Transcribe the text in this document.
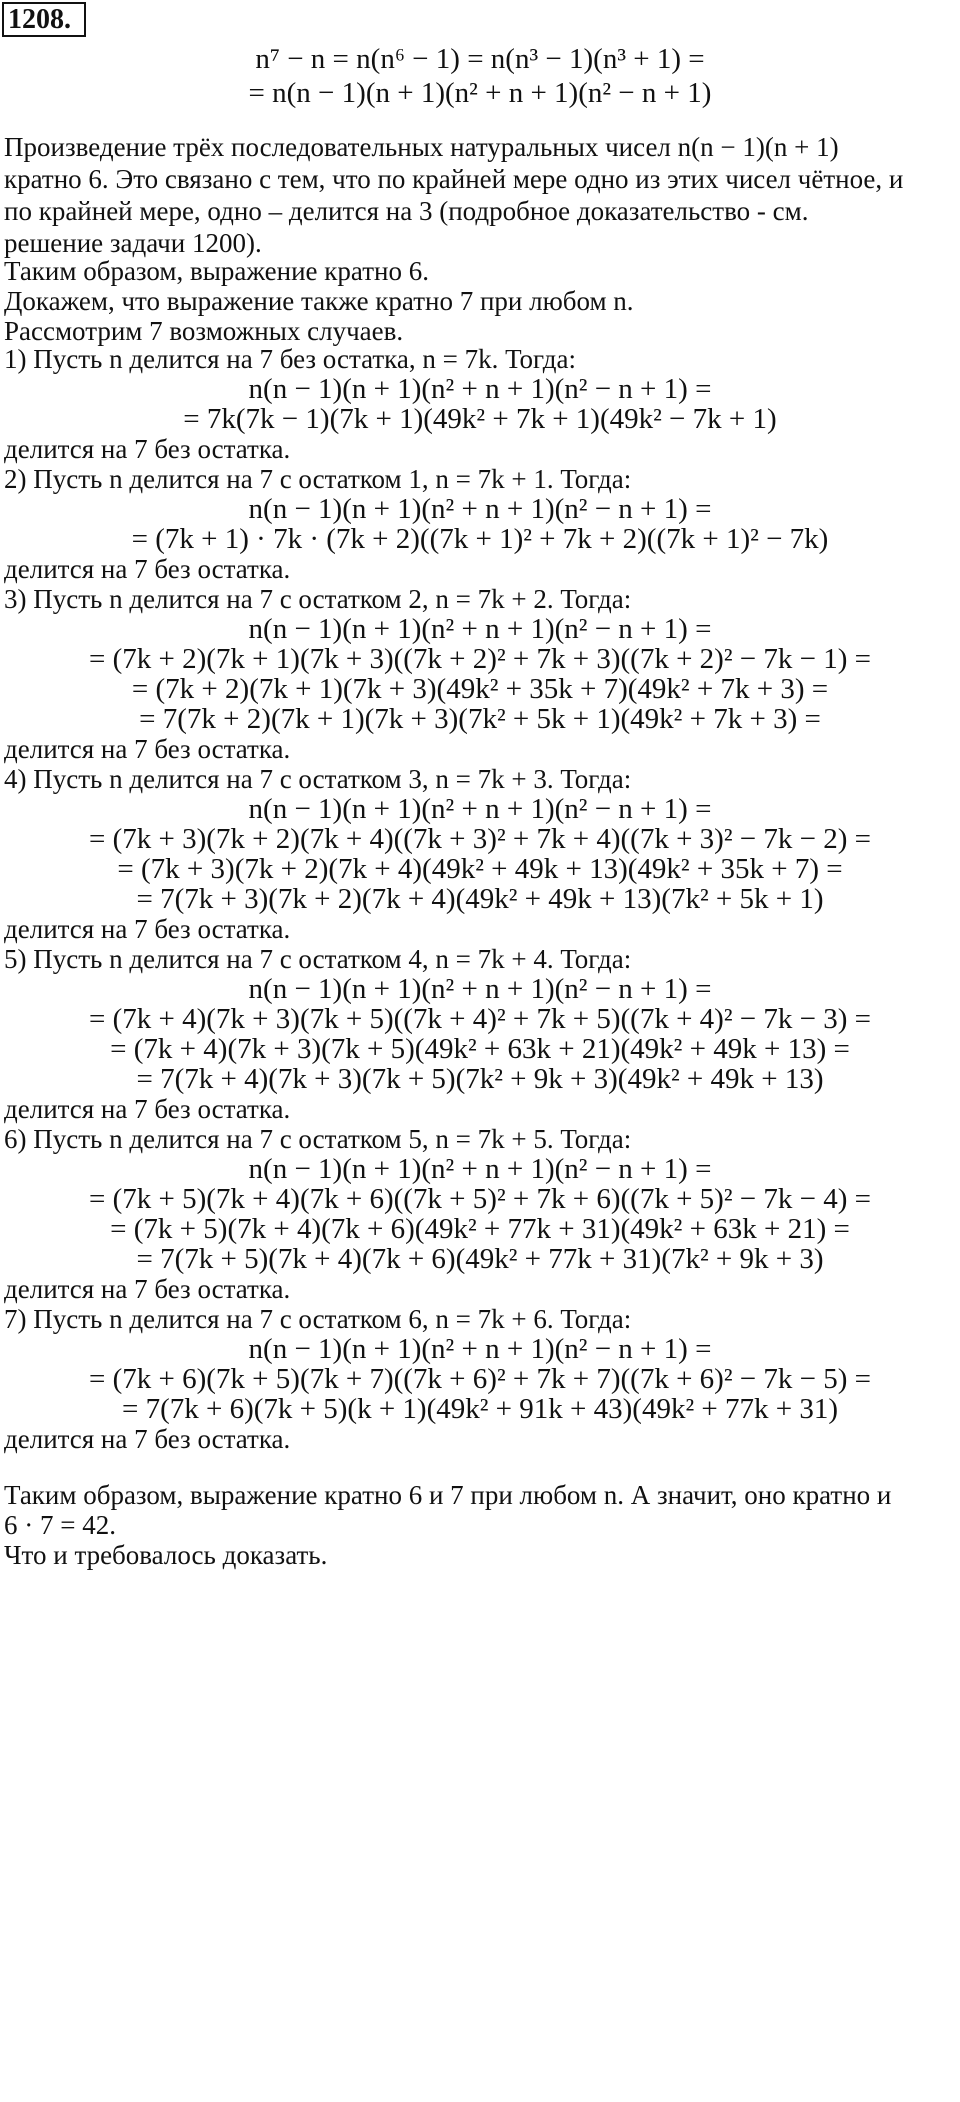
1208.
n⁷ − n = n(n⁶ − 1) = n(n³ − 1)(n³ + 1) =
= n(n − 1)(n + 1)(n² + n + 1)(n² − n + 1)
Произведение трёх последовательных натуральных чисел n(n − 1)(n + 1)
кратно 6. Это связано с тем, что по крайней мере одно из этих чисел чётное, и
по крайней мере, одно – делится на 3 (подробное доказательство - см.
решение задачи 1200).
Таким образом, выражение кратно 6.
Докажем, что выражение также кратно 7 при любом n.
Рассмотрим 7 возможных случаев.
1) Пусть n делится на 7 без остатка, n = 7k. Тогда:
n(n − 1)(n + 1)(n² + n + 1)(n² − n + 1) =
= 7k(7k − 1)(7k + 1)(49k² + 7k + 1)(49k² − 7k + 1)
делится на 7 без остатка.
2) Пусть n делится на 7 с остатком 1, n = 7k + 1. Тогда:
n(n − 1)(n + 1)(n² + n + 1)(n² − n + 1) =
= (7k + 1) · 7k · (7k + 2)((7k + 1)² + 7k + 2)((7k + 1)² − 7k)
делится на 7 без остатка.
3) Пусть n делится на 7 с остатком 2, n = 7k + 2. Тогда:
n(n − 1)(n + 1)(n² + n + 1)(n² − n + 1) =
= (7k + 2)(7k + 1)(7k + 3)((7k + 2)² + 7k + 3)((7k + 2)² − 7k − 1) =
= (7k + 2)(7k + 1)(7k + 3)(49k² + 35k + 7)(49k² + 7k + 3) =
= 7(7k + 2)(7k + 1)(7k + 3)(7k² + 5k + 1)(49k² + 7k + 3) =
делится на 7 без остатка.
4) Пусть n делится на 7 с остатком 3, n = 7k + 3. Тогда:
n(n − 1)(n + 1)(n² + n + 1)(n² − n + 1) =
= (7k + 3)(7k + 2)(7k + 4)((7k + 3)² + 7k + 4)((7k + 3)² − 7k − 2) =
= (7k + 3)(7k + 2)(7k + 4)(49k² + 49k + 13)(49k² + 35k + 7) =
= 7(7k + 3)(7k + 2)(7k + 4)(49k² + 49k + 13)(7k² + 5k + 1)
делится на 7 без остатка.
5) Пусть n делится на 7 с остатком 4, n = 7k + 4. Тогда:
n(n − 1)(n + 1)(n² + n + 1)(n² − n + 1) =
= (7k + 4)(7k + 3)(7k + 5)((7k + 4)² + 7k + 5)((7k + 4)² − 7k − 3) =
= (7k + 4)(7k + 3)(7k + 5)(49k² + 63k + 21)(49k² + 49k + 13) =
= 7(7k + 4)(7k + 3)(7k + 5)(7k² + 9k + 3)(49k² + 49k + 13)
делится на 7 без остатка.
6) Пусть n делится на 7 с остатком 5, n = 7k + 5. Тогда:
n(n − 1)(n + 1)(n² + n + 1)(n² − n + 1) =
= (7k + 5)(7k + 4)(7k + 6)((7k + 5)² + 7k + 6)((7k + 5)² − 7k − 4) =
= (7k + 5)(7k + 4)(7k + 6)(49k² + 77k + 31)(49k² + 63k + 21) =
= 7(7k + 5)(7k + 4)(7k + 6)(49k² + 77k + 31)(7k² + 9k + 3)
делится на 7 без остатка.
7) Пусть n делится на 7 с остатком 6, n = 7k + 6. Тогда:
n(n − 1)(n + 1)(n² + n + 1)(n² − n + 1) =
= (7k + 6)(7k + 5)(7k + 7)((7k + 6)² + 7k + 7)((7k + 6)² − 7k − 5) =
= 7(7k + 6)(7k + 5)(k + 1)(49k² + 91k + 43)(49k² + 77k + 31)
делится на 7 без остатка.
Таким образом, выражение кратно 6 и 7 при любом n. А значит, оно кратно и
6 · 7 = 42.
Что и требовалось доказать.
